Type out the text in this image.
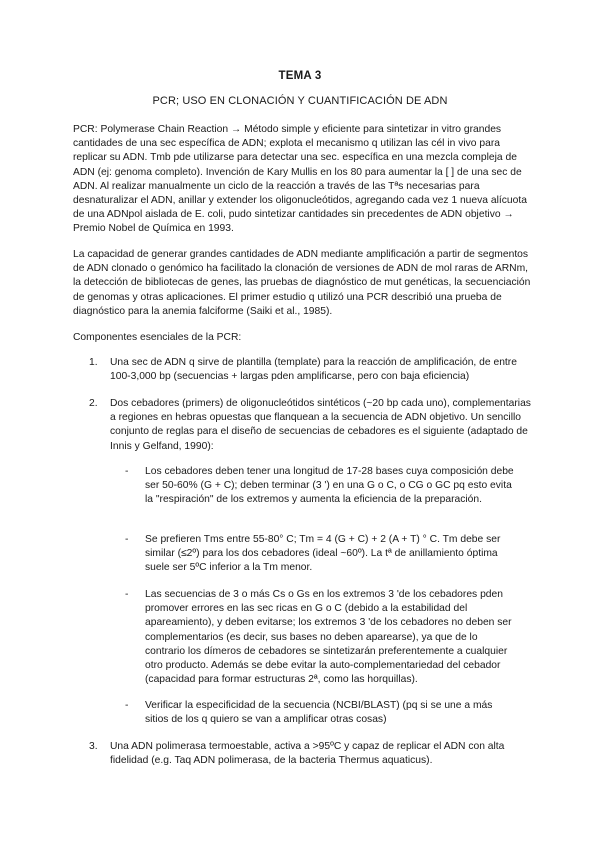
TEMA 3
PCR; USO EN CLONACIÓN Y CUANTIFICACIÓN DE ADN

PCR: Polymerase Chain Reaction → Método simple y eficiente para sintetizar in vitro grandes cantidades de una sec específica de ADN; explota el mecanismo q utilizan las cél in vivo para replicar su ADN. Tmb pde utilizarse para detectar una sec. específica en una mezcla compleja de ADN (ej: genoma completo). Invención de Kary Mullis en los 80 para aumentar la [ ] de una sec de ADN. Al realizar manualmente un ciclo de la reacción a través de las Tªs necesarias para desnaturalizar el ADN, anillar y extender los oligonucleótidos, agregando cada vez 1 nueva alícuota de una ADNpol aislada de E. coli, pudo sintetizar cantidades sin precedentes de ADN objetivo → Premio Nobel de Química en 1993.

La capacidad de generar grandes cantidades de ADN mediante amplificación a partir de segmentos de ADN clonado o genómico ha facilitado la clonación de versiones de ADN de mol raras de ARNm, la detección de bibliotecas de genes, las pruebas de diagnóstico de mut genéticas, la secuenciación de genomas y otras aplicaciones. El primer estudio q utilizó una PCR describió una prueba de diagnóstico para la anemia falciforme (Saiki et al., 1985).

Componentes esenciales de la PCR:

1. Una sec de ADN q sirve de plantilla (template) para la reacción de amplificación, de entre 100-3,000 bp (secuencias + largas pden amplificarse, pero con baja eficiencia)

2. Dos cebadores (primers) de oligonucleótidos sintéticos (~20 bp cada uno), complementarias a regiones en hebras opuestas que flanquean a la secuencia de ADN objetivo. Un sencillo conjunto de reglas para el diseño de secuencias de cebadores es el siguiente (adaptado de Innis y Gelfand, 1990):

3. Una ADN polimerasa termoestable, activa a >95ºC y capaz de replicar el ADN con alta fidelidad (e.g. Taq ADN polimerasa, de la bacteria Thermus aquaticus).

- Los cebadores deben tener una longitud de 17-28 bases cuya composición debe ser 50-60% (G + C); deben terminar (3 ') en una G o C, o CG o GC pq esto evita la "respiración" de los extremos y aumenta la eficiencia de la preparación.

- Se prefieren Tms entre 55-80° C; Tm = 4 (G + C) + 2 (A + T) ° C. Tm debe ser similar (≤2º) para los dos cebadores (ideal ~60º). La tª de anillamiento óptima suele ser 5ºC inferior a la Tm menor.

- Las secuencias de 3 o más Cs o Gs en los extremos 3 'de los cebadores pden promover errores en las sec ricas en G o C (debido a la estabilidad del apareamiento), y deben evitarse; los extremos 3 'de los cebadores no deben ser complementarios (es decir, sus bases no deben aparearse), ya que de lo contrario los dímeros de cebadores se sintetizarán preferentemente a cualquier otro producto. Además se debe evitar la auto-complementariedad del cebador (capacidad para formar estructuras 2ª, como las horquillas).

- Verificar la especificidad de la secuencia (NCBI/BLAST) (pq si se une a más sitios de los q quiero se van a amplificar otras cosas)
